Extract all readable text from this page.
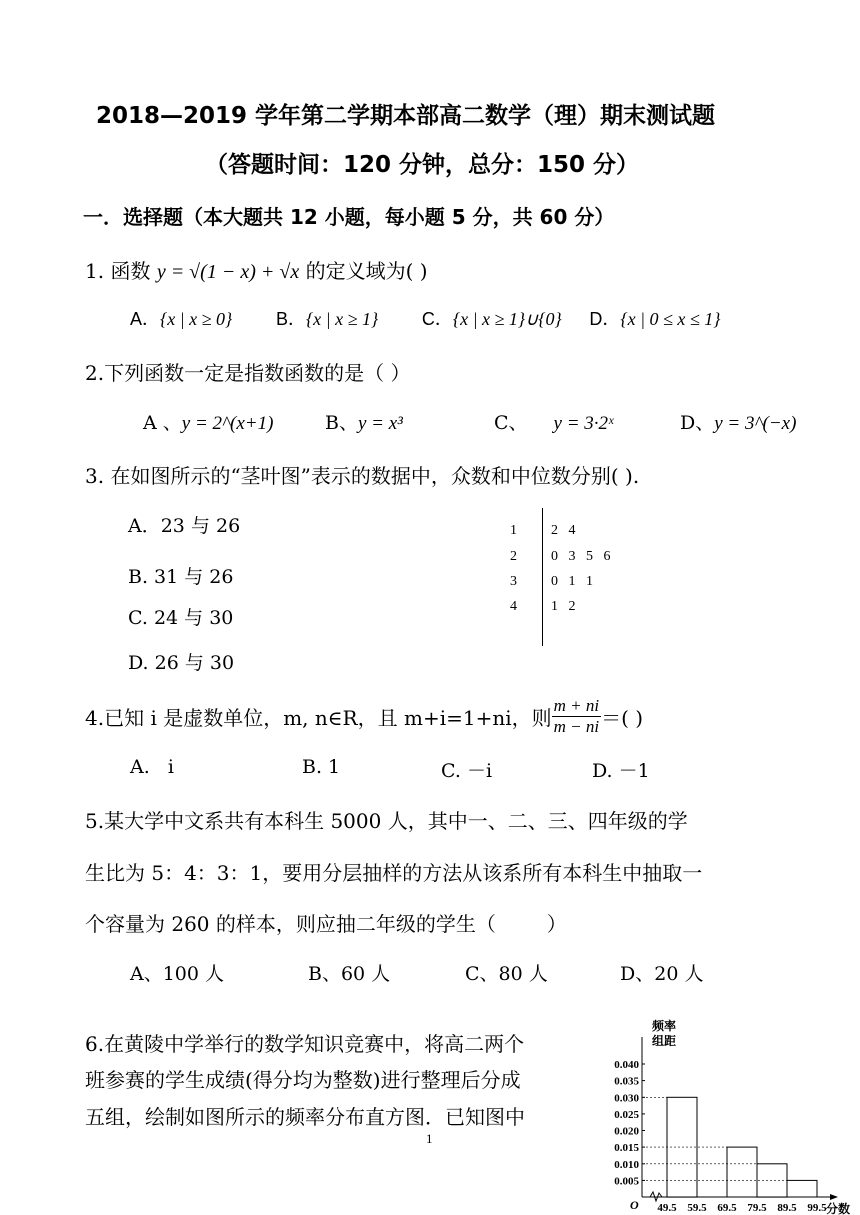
2018—2019 学年第二学期本部高二数学（理）期末测试题
（答题时间：120 分钟，总分：150 分）
一．选择题（本大题共 12 小题，每小题 5 分，共 60 分）
1. 函数 y = √(1 − x) + √x 的定义域为( )
A．{x | x ≥ 0} B．{x | x ≥ 1} C．{x | x ≥ 1}∪{0} D．{x | 0 ≤ x ≤ 1}
2.下列函数一定是指数函数的是（ ）
A 、y = 2^(x+1)	B、y = x³	C、 y = 3·2ˣ	D、y = 3^(−x)
3. 在如图所示的“茎叶图”表示的数据中，众数和中位数分别( ).
A．23 与 26
B. 31 与 26
C. 24 与 30
D. 26 与 30
1 2   4
2 0   3   5   6
3 0   1   1
4 1   2
4.已知 i 是虚数单位，m, n∈R，且 m+i=1+ni，则 $\frac{m + ni}{m - ni}$ ＝( )
A.   i	B. 1	C. －i	D. －1
5.某大学中文系共有本科生 5000 人，其中一、二、三、四年级的学
生比为 5：4：3：1，要用分层抽样的方法从该系所有本科生中抽取一
个容量为 260 的样本，则应抽二年级的学生（        ）
A、100 人	B、60 人	C、80 人	D、20 人
6.在黄陵中学举行的数学知识竞赛中，将高二两个
班参赛的学生成绩(得分均为整数)进行整理后分成
五组，绘制如图所示的频率分布直方图．已知图中
频率
组距
O	分数
0.040
0.035
0.030
0.025
0.020
0.015
0.010
0.005
49.5 59.5 69.5 79.5 89.5 99.5
1
